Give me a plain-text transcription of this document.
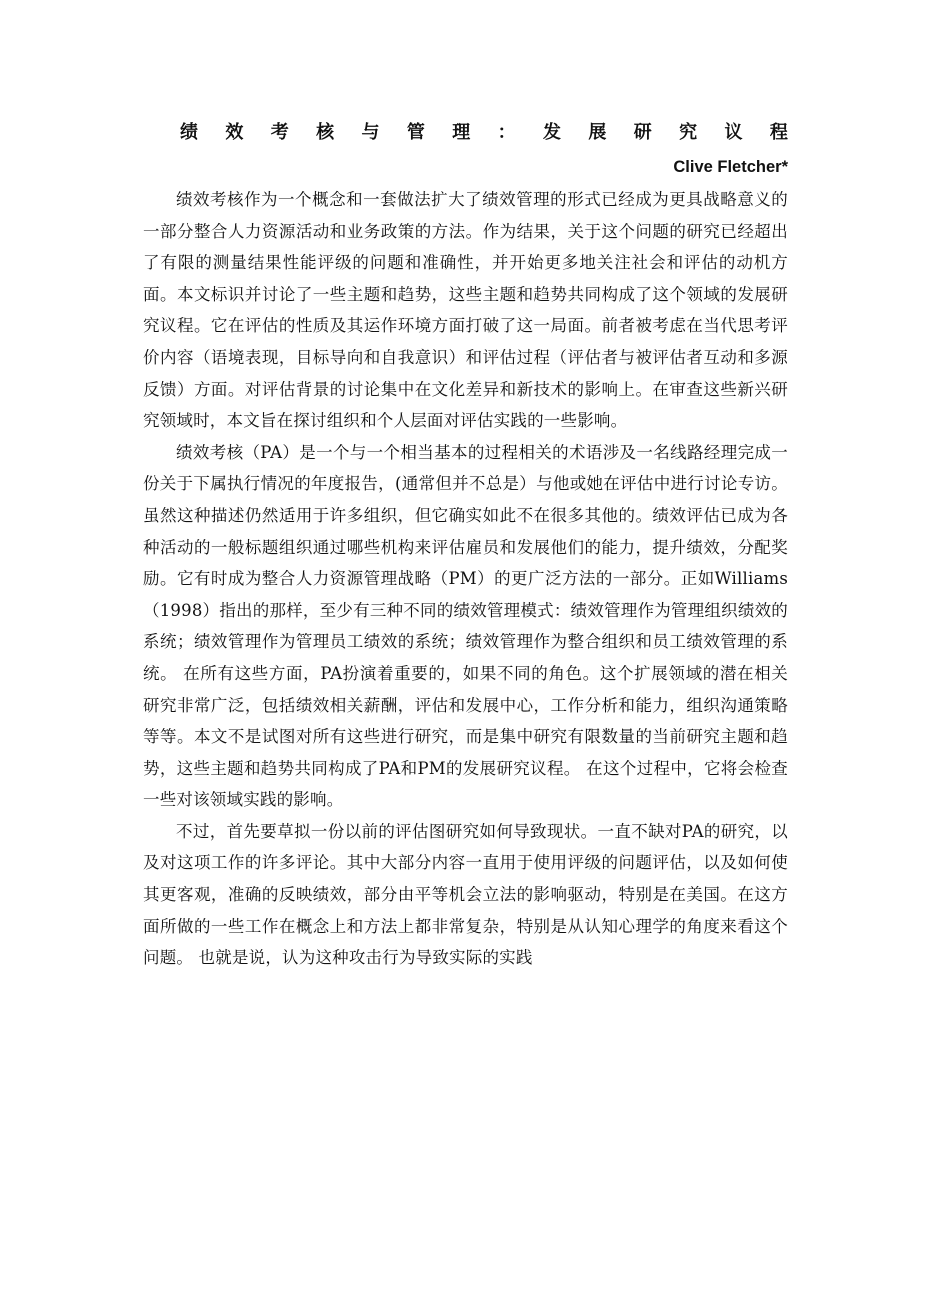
绩 效 考 核 与 管 理 ： 发 展 研 究 议 程
Clive Fletcher*

绩效考核作为一个概念和一套做法扩大了绩效管理的形式已经成为更具战略意义的一部分整合人力资源活动和业务政策的方法。作为结果，关于这个问题的研究已经超出了有限的测量结果性能评级的问题和准确性，并开始更多地关注社会和评估的动机方面。本文标识并讨论了一些主题和趋势，这些主题和趋势共同构成了这个领域的发展研究议程。它在评估的性质及其运作环境方面打破了这一局面。前者被考虑在当代思考评价内容（语境表现，目标导向和自我意识）和评估过程（评估者与被评估者互动和多源反馈）方面。对评估背景的讨论集中在文化差异和新技术的影响上。在审查这些新兴研究领域时，本文旨在探讨组织和个人层面对评估实践的一些影响。

绩效考核（PA）是一个与一个相当基本的过程相关的术语涉及一名线路经理完成一份关于下属执行情况的年度报告，(通常但并不总是）与他或她在评估中进行讨论专访。虽然这种描述仍然适用于许多组织，但它确实如此不在很多其他的。绩效评估已成为各种活动的一般标题组织通过哪些机构来评估雇员和发展他们的能力，提升绩效，分配奖励。它有时成为整合人力资源管理战略（PM）的更广泛方法的一部分。正如Williams（1998）指出的那样，至少有三种不同的绩效管理模式：绩效管理作为管理组织绩效的系统；绩效管理作为管理员工绩效的系统；绩效管理作为整合组织和员工绩效管理的系统。 在所有这些方面，PA扮演着重要的，如果不同的角色。这个扩展领域的潜在相关研究非常广泛，包括绩效相关薪酬，评估和发展中心，工作分析和能力，组织沟通策略等等。本文不是试图对所有这些进行研究，而是集中研究有限数量的当前研究主题和趋势，这些主题和趋势共同构成了PA和PM的发展研究议程。 在这个过程中，它将会检查一些对该领域实践的影响。

不过，首先要草拟一份以前的评估图研究如何导致现状。一直不缺对PA的研究，以及对这项工作的许多评论。其中大部分内容一直用于使用评级的问题评估，以及如何使其更客观，准确的反映绩效，部分由平等机会立法的影响驱动，特别是在美国。在这方面所做的一些工作在概念上和方法上都非常复杂，特别是从认知心理学的角度来看这个问题。 也就是说，认为这种攻击行为导致实际的实践
